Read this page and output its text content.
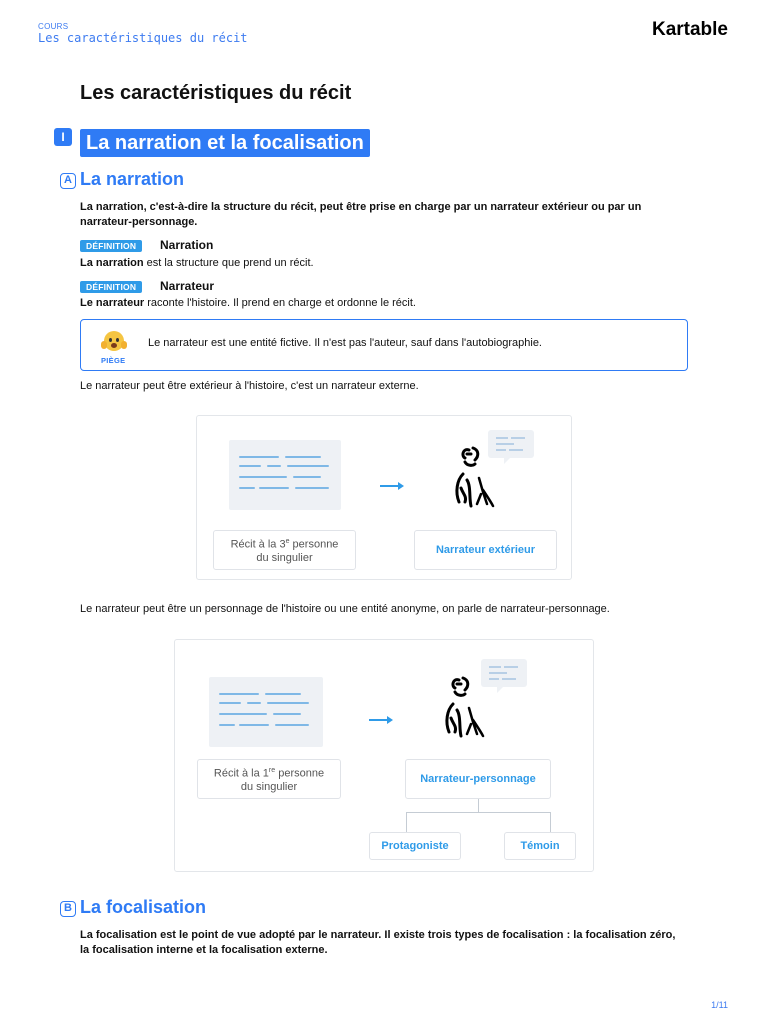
COURS
Les caractéristiques du récit	Kartable
Les caractéristiques du récit
I	La narration et la focalisation
A La narration
La narration, c'est-à-dire la structure du récit, peut être prise en charge par un narrateur extérieur ou par un narrateur-personnage.
DÉFINITION	Narration
La narration est la structure que prend un récit.
DÉFINITION	Narrateur
Le narrateur raconte l'histoire. Il prend en charge et ordonne le récit.
PIÈGE
Le narrateur est une entité fictive. Il n'est pas l'auteur, sauf dans l'autobiographie.
Le narrateur peut être extérieur à l'histoire, c'est un narrateur externe.
Récit à la 3e personne
du singulier
Narrateur extérieur
Le narrateur peut être un personnage de l'histoire ou une entité anonyme, on parle de narrateur-personnage.
Récit à la 1re personne
du singulier
Narrateur-personnage
Protagoniste	Témoin
B La focalisation
La focalisation est le point de vue adopté par le narrateur. Il existe trois types de focalisation : la focalisation zéro, la focalisation interne et la focalisation externe.
1/11
